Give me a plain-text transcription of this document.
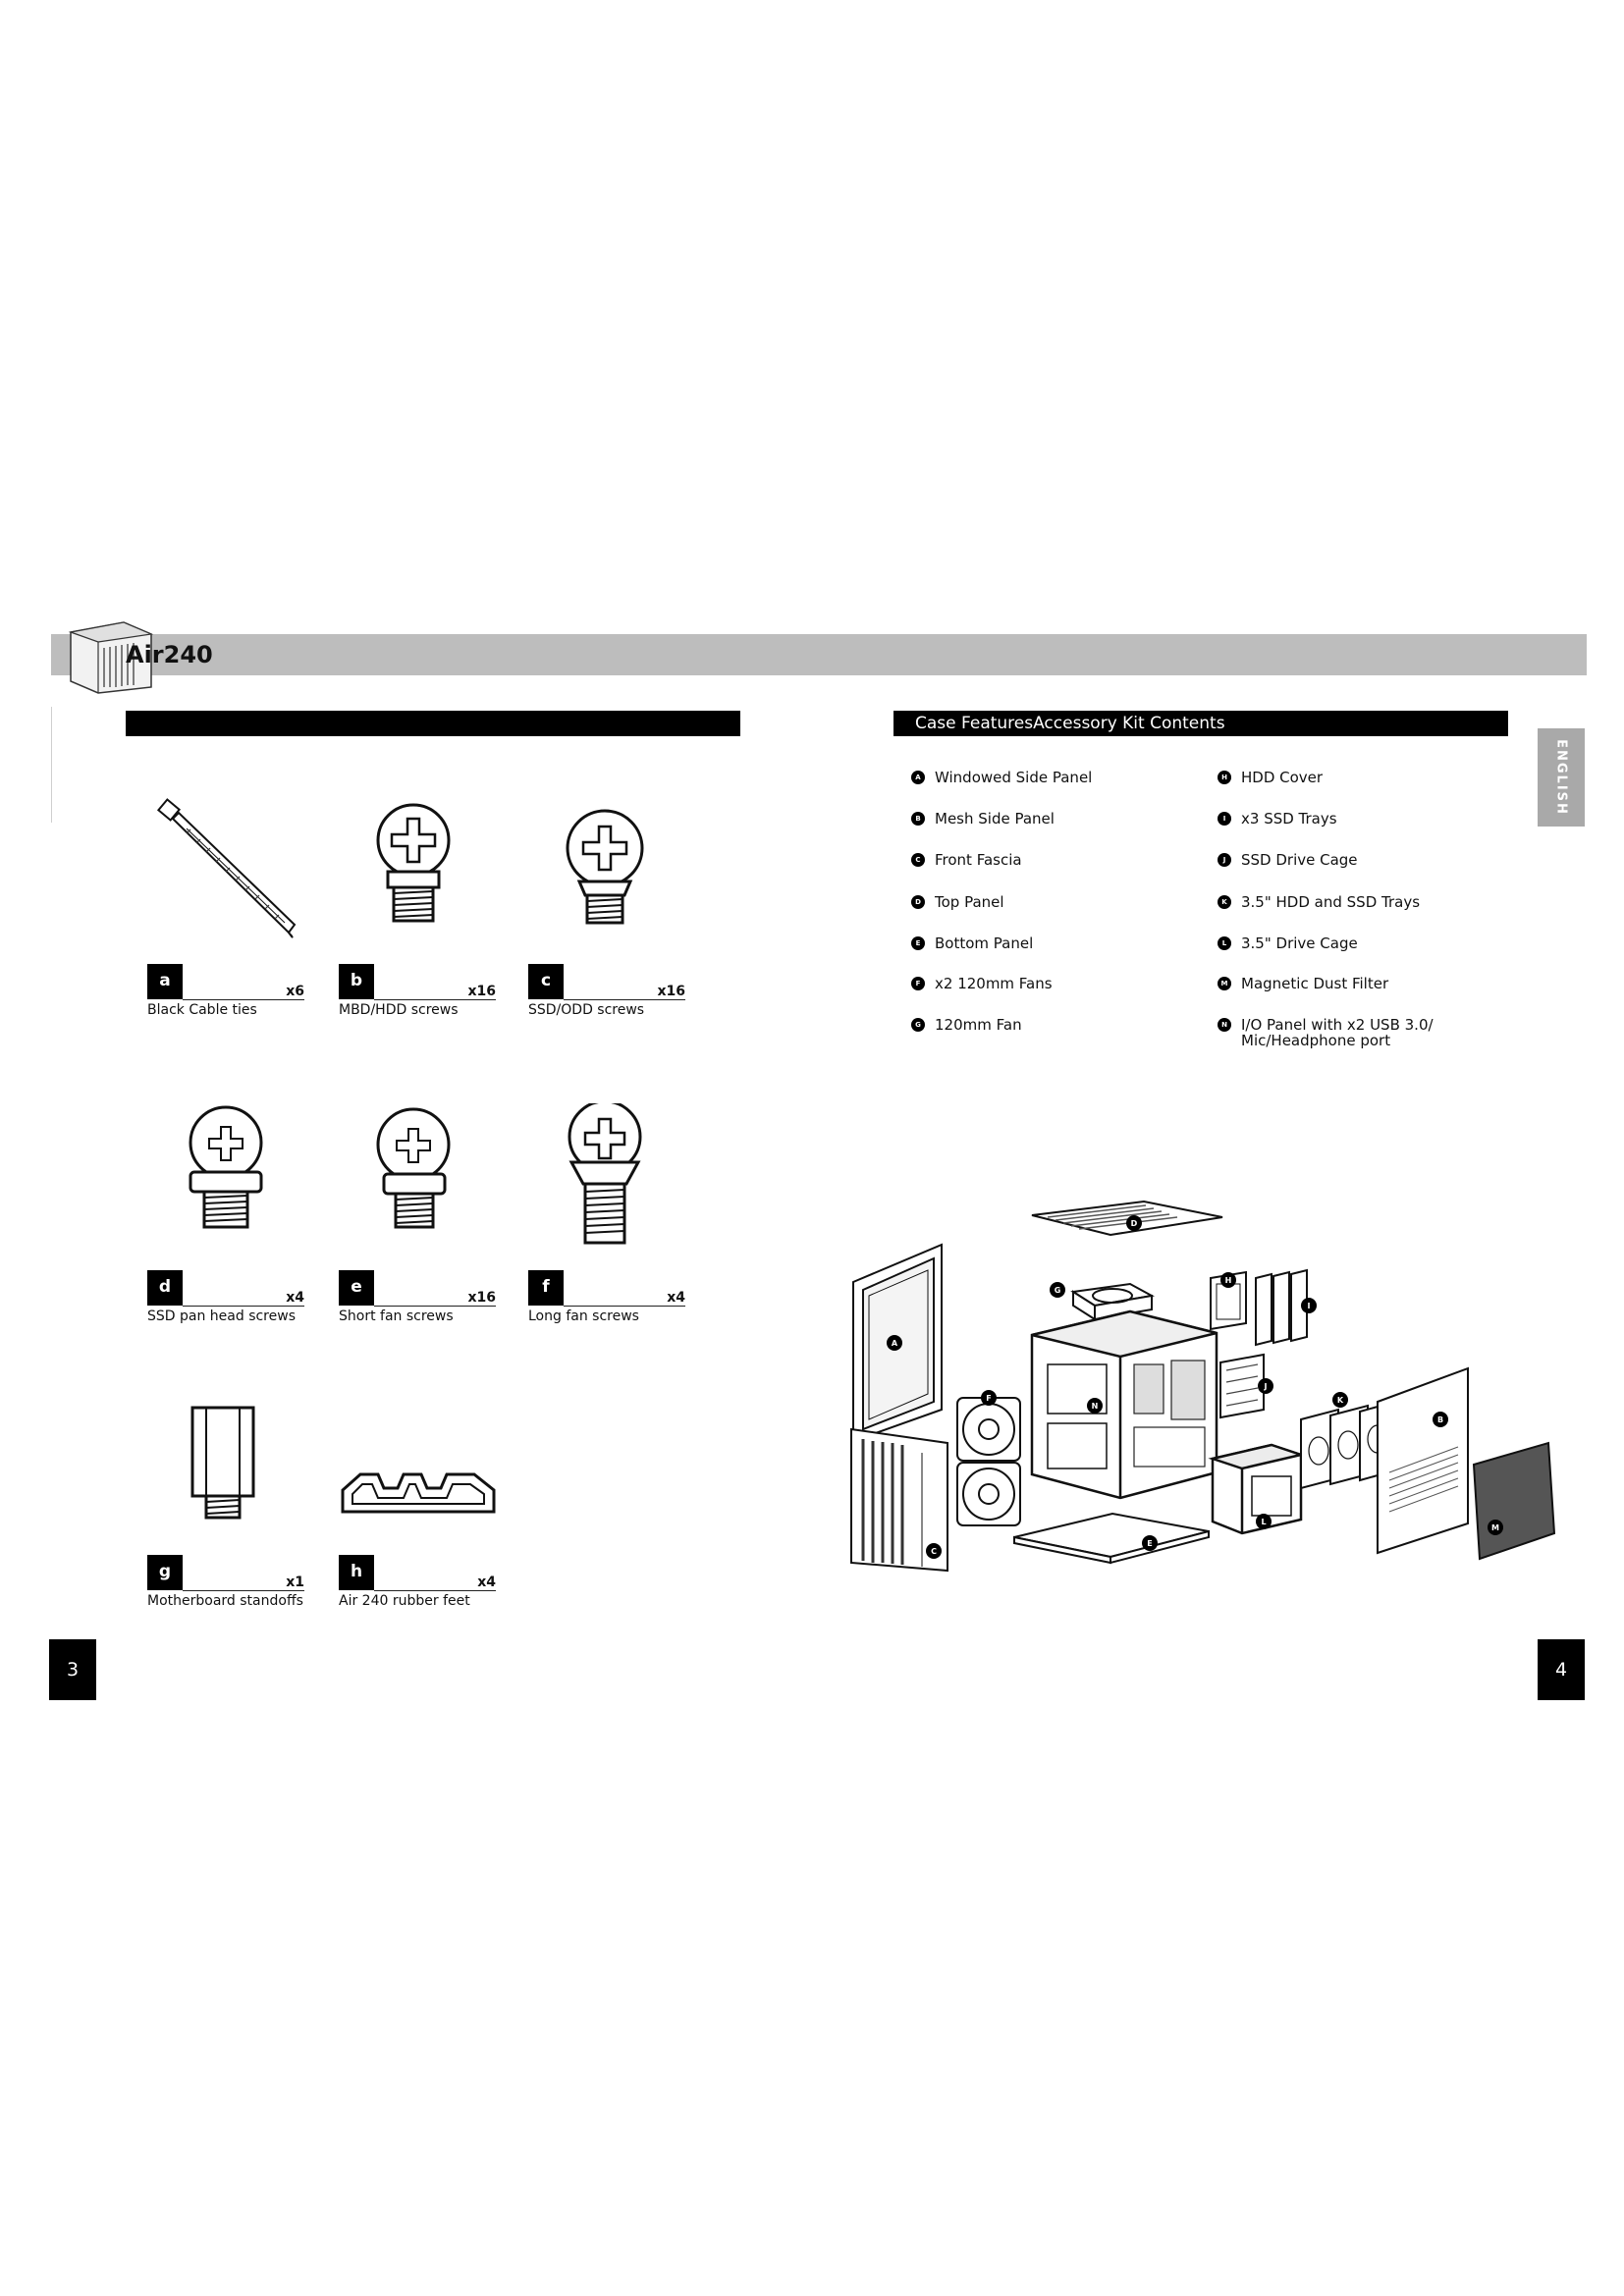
Air240
Case FeaturesAccessory Kit Contents
ENGLISH
a
x6
Black Cable ties
b
x16
MBD/HDD screws
c
x16
SSD/ODD screws
d
x4
SSD pan head screws
e
x16
Short fan screws
f
x4
Long fan screws
g
x1
Motherboard standoffs
h
x4
Air 240 rubber feet
A Windowed Side Panel
B Mesh Side Panel
C Front Fascia
D Top Panel
E Bottom Panel
F x2 120mm Fans
G 120mm Fan
H HDD Cover
I	x3 SSD Trays
J	SSD Drive Cage
K 3.5" HDD and SSD Trays
L 3.5" Drive Cage
M Magnetic Dust Filter
N I/O Panel with x2 USB 3.0/ Mic/Headphone port
A
B
C
D
E
F
G
H
I
J
K
L
M
N
3	4
